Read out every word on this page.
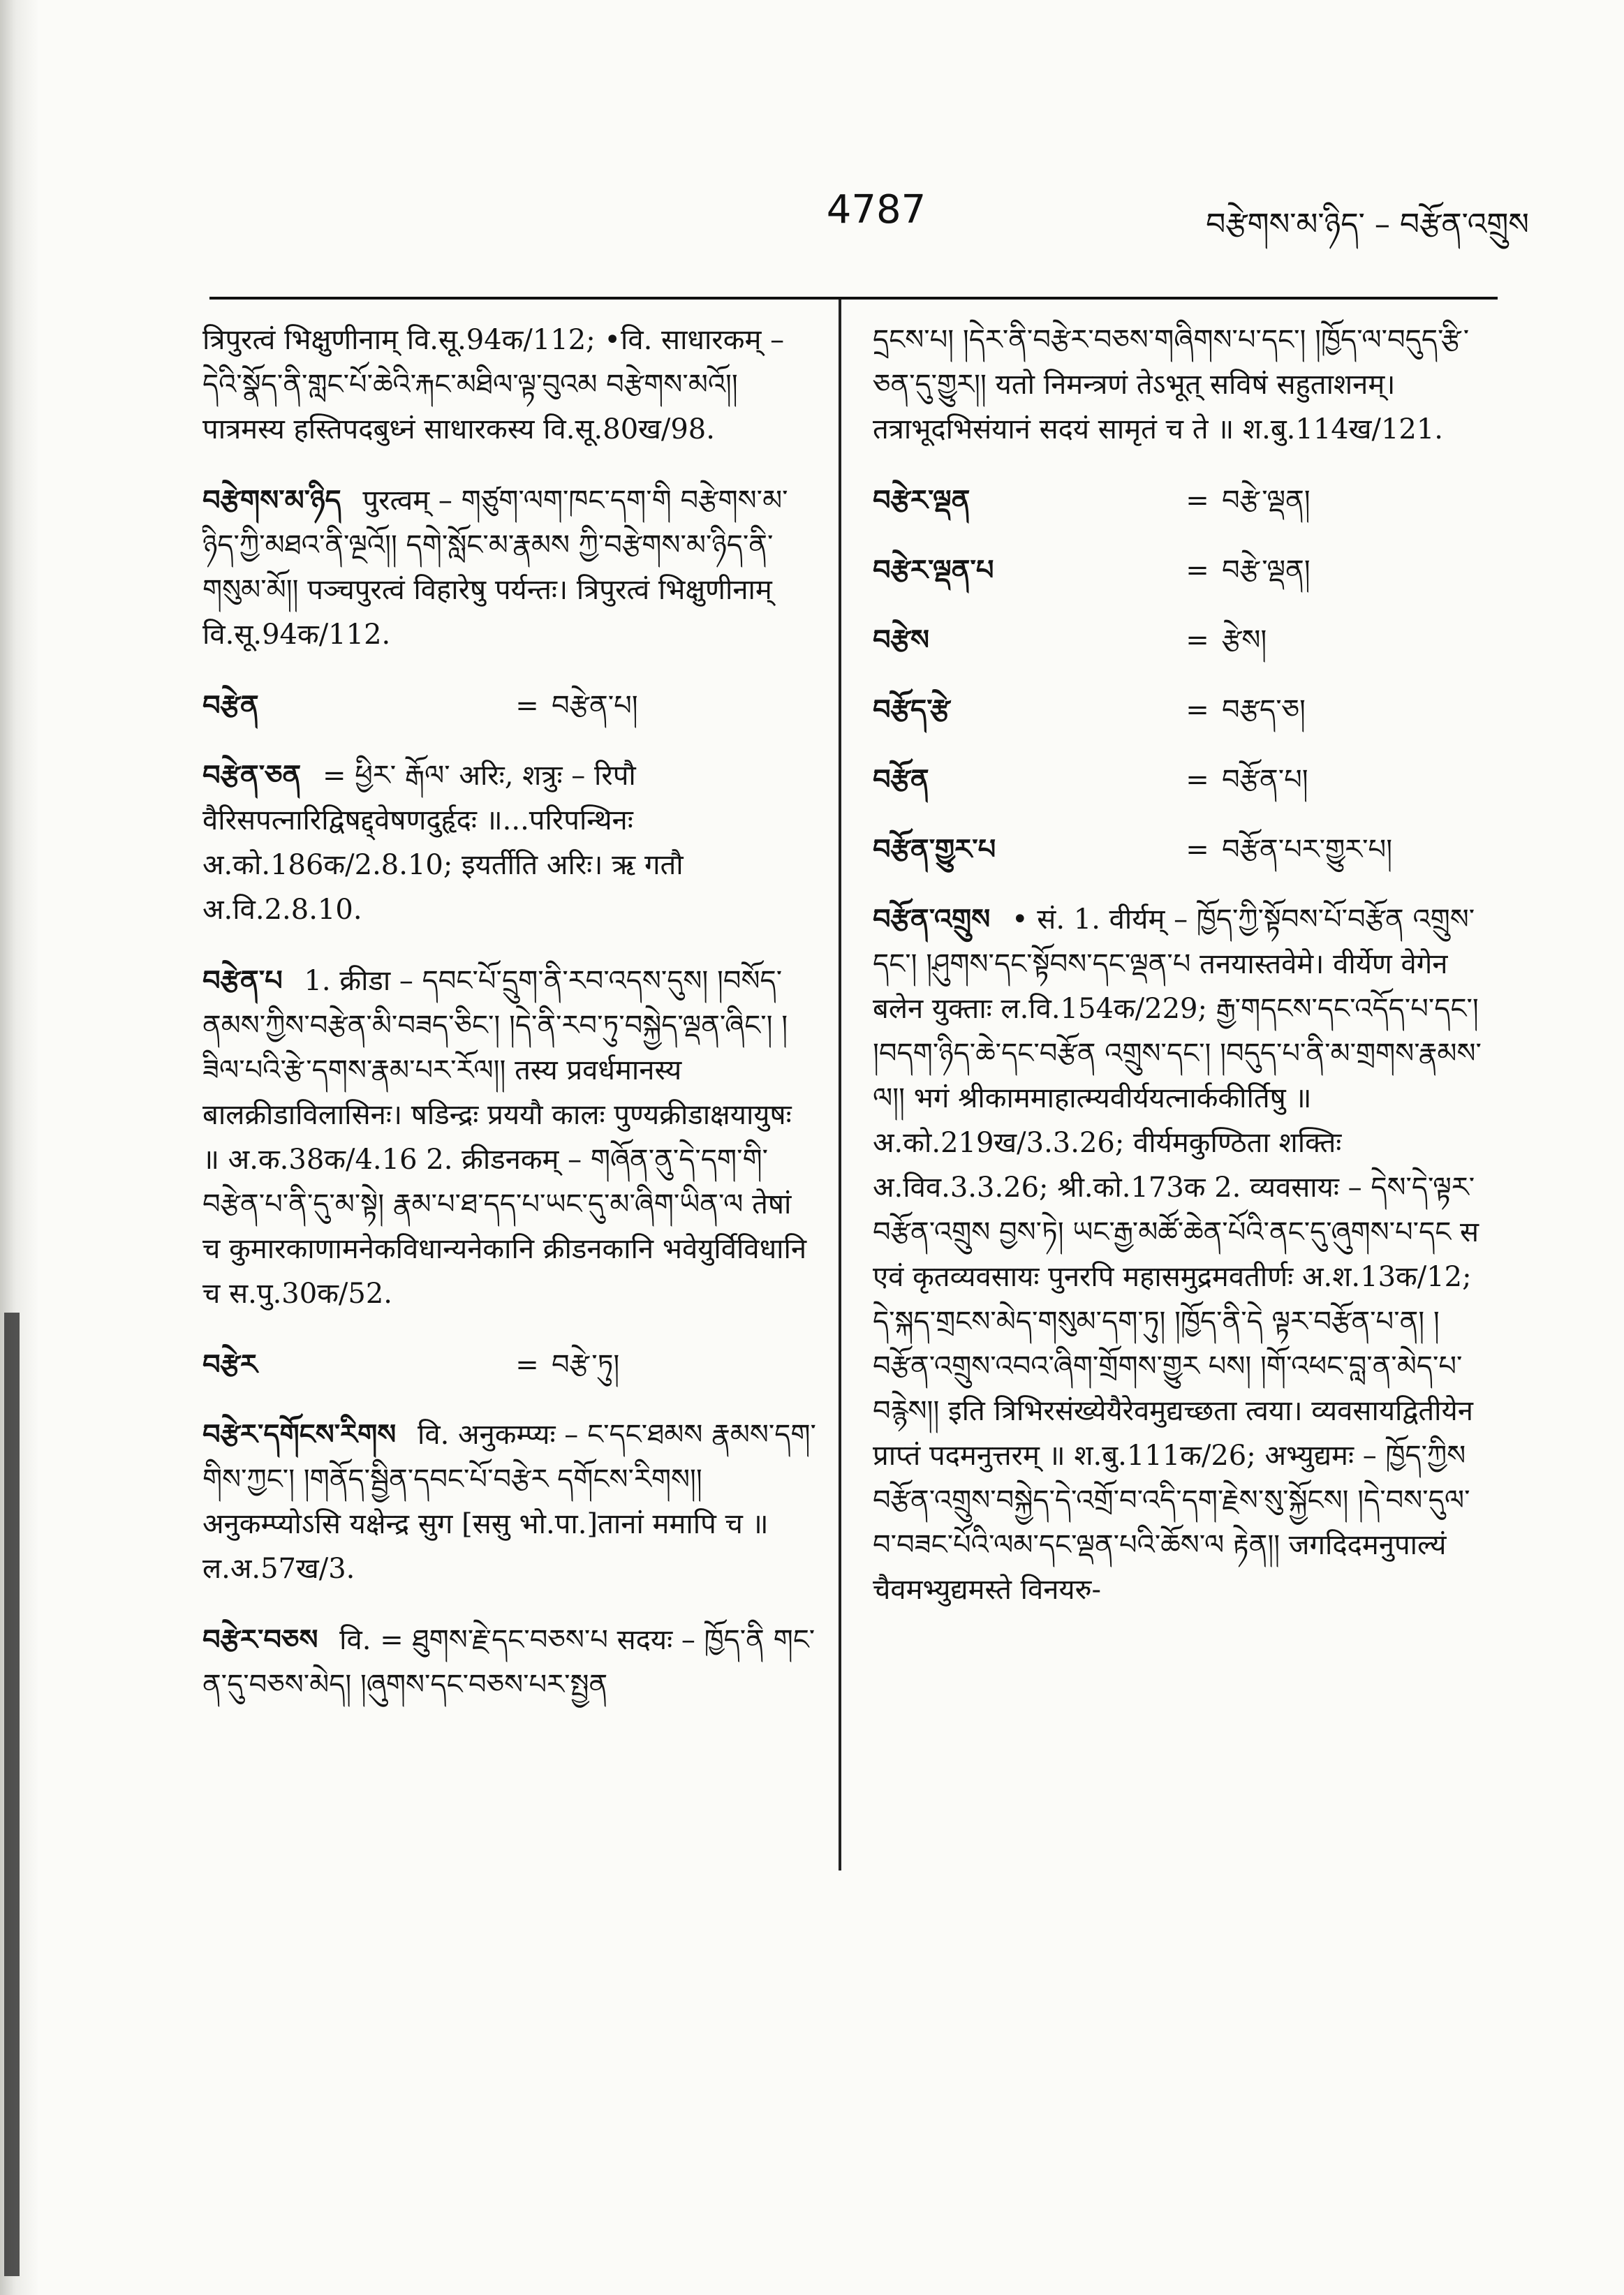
4787	བརྩེགས་མ་ཉིད་ – བརྩོན་འགྲུས
त्रिपुरत्वं भिक्षुणीनाम् वि.सू.94क/112; •वि. साधारकम् – དེའི་སྣོད་ནི་གླང་པོ་ཆེའི་རྐང་མཐིལ་ལྟ་བུའམ བརྩེགས་མའོ།། पात्रमस्य हस्तिपदबुध्नं साधारकस्य वि.सू.80ख/98.
བརྩེགས་མ་ཉིད पुरत्वम् – གཙུག་ལག་ཁང་དག་གི བརྩེགས་མ་ཉིད་ཀྱི་མཐའ་ནི་ལྔའོ།། དགེ་སློང་མ་རྣམས ཀྱི་བརྩེགས་མ་ཉིད་ནི་གསུམ་མོ།། पञ्चपुरत्वं विहारेषु पर्यन्तः। त्रिपुरत्वं भिक्षुणीनाम् वि.सू.94क/112.
བརྩེན	= བརྩེན་པ།
བརྩེན་ཅན = ཕྱིར་ རྒོལ་ अरिः, शत्रुः – रिपौ वैरिसपत्नारिद्विषद्द्वेषणदुर्हृदः ॥...परिपन्थिनः अ.को.186क/2.8.10; इयर्तीति अरिः। ऋ गतौ अ.वि.2.8.10.
བརྩེན་པ 1. क्रीडा – དབང་པོ་དྲུག་ནི་རབ་འདས་དུས། །བསོད་ནམས་ཀྱིས་བརྩེན་མི་བཟད་ཅིང་། །དེ་ནི་རབ་ཏུ་བསྐྱེད་ལྡན་ཞིང་། །ཟིལ་པའི་རྩེ་དགས་རྣམ་པར་རོལ།། तस्य प्रवर्धमानस्य बालक्रीडाविलासिनः। षडिन्द्रः प्रययौ कालः पुण्यक्रीडाक्षयायुषः ॥ अ.क.38क/4.16 2. क्रीडनकम् – གཞོན་ནུ་དེ་དག་གི་བརྩེན་པ་ནི་དུ་མ་སྟེ། རྣམ་པ་ཐ་དད་པ་ཡང་དུ་མ་ཞིག་ཡིན་ལ तेषां च कुमारकाणामनेकविधान्यनेकानि क्रीडनकानि भवेयुर्विविधानि च स.पु.30क/52.
བརྩེར	= བརྩེ་ཏུ།
བརྩེར་དགོངས་རིགས वि. अनुकम्प्यः – ང་དང་ཐམས རྣམས་དག་གིས་ཀྱང་། །གནོད་སྦྱིན་དབང་པོ་བརྩེར དགོངས་རིགས།། अनुकम्प्योऽसि यक्षेन्द्र सुग [ससु भो.पा.]तानां ममापि च ॥ ल.अ.57ख/3.
བརྩེར་བཅས वि. = ཐུགས་རྗེ་དང་བཅས་པ सदयः – ཁྱོད་ནི གང་ན་དུ་བཅས་མེད། །ཞུགས་དང་བཅས་པར་སྤྱན
དྲངས་པ། །དེར་ནི་བརྩེར་བཅས་གཞིགས་པ་དང་། །ཁྱོད་ལ་བདུད་རྩི་ཅན་དུ་གྱུར།། यतो निमन्त्रणं तेऽभूत् सविषं सहुताशनम्। तत्राभूदभिसंयानं सदयं सामृतं च ते ॥ श.बु.114ख/121.
བརྩེར་ལྡན	= བརྩེ་ལྡན།
བརྩེར་ལྡན་པ	= བརྩེ་ལྡན།
བརྩེས	= རྩེས།
བརྩོད་རྩེ	= བརྩད་ཅ།
བརྩོན	= བརྩོན་པ།
བརྩོན་གྱུར་པ	= བརྩོན་པར་གྱུར་པ།
བརྩོན་འགྲུས • सं. 1. वीर्यम् – ཁྱོད་ཀྱི་སྟོབས་པོ་བརྩོན འགྲུས་དང་། །ཤུགས་དང་སྟོབས་དང་ལྡན་པ तनयास्तवेमे। वीर्येण वेगेन बलेन युक्ताः ल.वि.154क/229; རྒྱ་གདངས་དང་འདོད་པ་དང་། །བདག་ཉིད་ཆེ་དང་བརྩོན འགྲུས་དང་། །བདུད་པ་ནི་མ་གྲགས་རྣམས་ལ།། भगं श्रीकाममाहात्म्यवीर्ययत्नार्ककीर्तिषु ॥ अ.को.219ख/3.3.26; वीर्यमकुण्ठिता शक्तिः अ.विव.3.3.26; श्री.को.173क 2. व्यवसायः – དེས་དེ་ལྟར་བརྩོན་འགྲུས བྱས་ཏེ། ཡང་རྒྱ་མཚོ་ཆེན་པོའི་ནང་དུ་ཞུགས་པ་དང स एवं कृतव्यवसायः पुनरपि महासमुद्रमवतीर्णः अ.श.13क/12; དེ་སྐད་གྲངས་མེད་གསུམ་དག་ཏུ། །ཁྱོད་ནི་དེ ལྟར་བརྩོན་པ་ན། །བརྩོན་འགྲུས་འབའ་ཞིག་གྲོགས་གྱུར པས། །གོ་འཕང་བླ་ན་མེད་པ་བརྙེས།། इति त्रिभिरसंख्येयैरेवमुद्यच्छता त्वया। व्यवसायद्वितीयेन प्राप्तं पदमनुत्तरम् ॥ श.बु.111क/26; अभ्युद्यमः – ཁྱོད་ཀྱིས བརྩོན་འགྲུས་བསྐྱེད་དེ་འགྲོ་བ་འདི་དག་རྗེས་སུ་སྐྱོངས། །དེ་བས་དུལ་བ་བཟང་པོའི་ལམ་དང་ལྡན་པའི་ཆོས་ལ རྟེན།། जगदिदमनुपाल्यं चैवमभ्युद्यमस्ते विनयरु-
